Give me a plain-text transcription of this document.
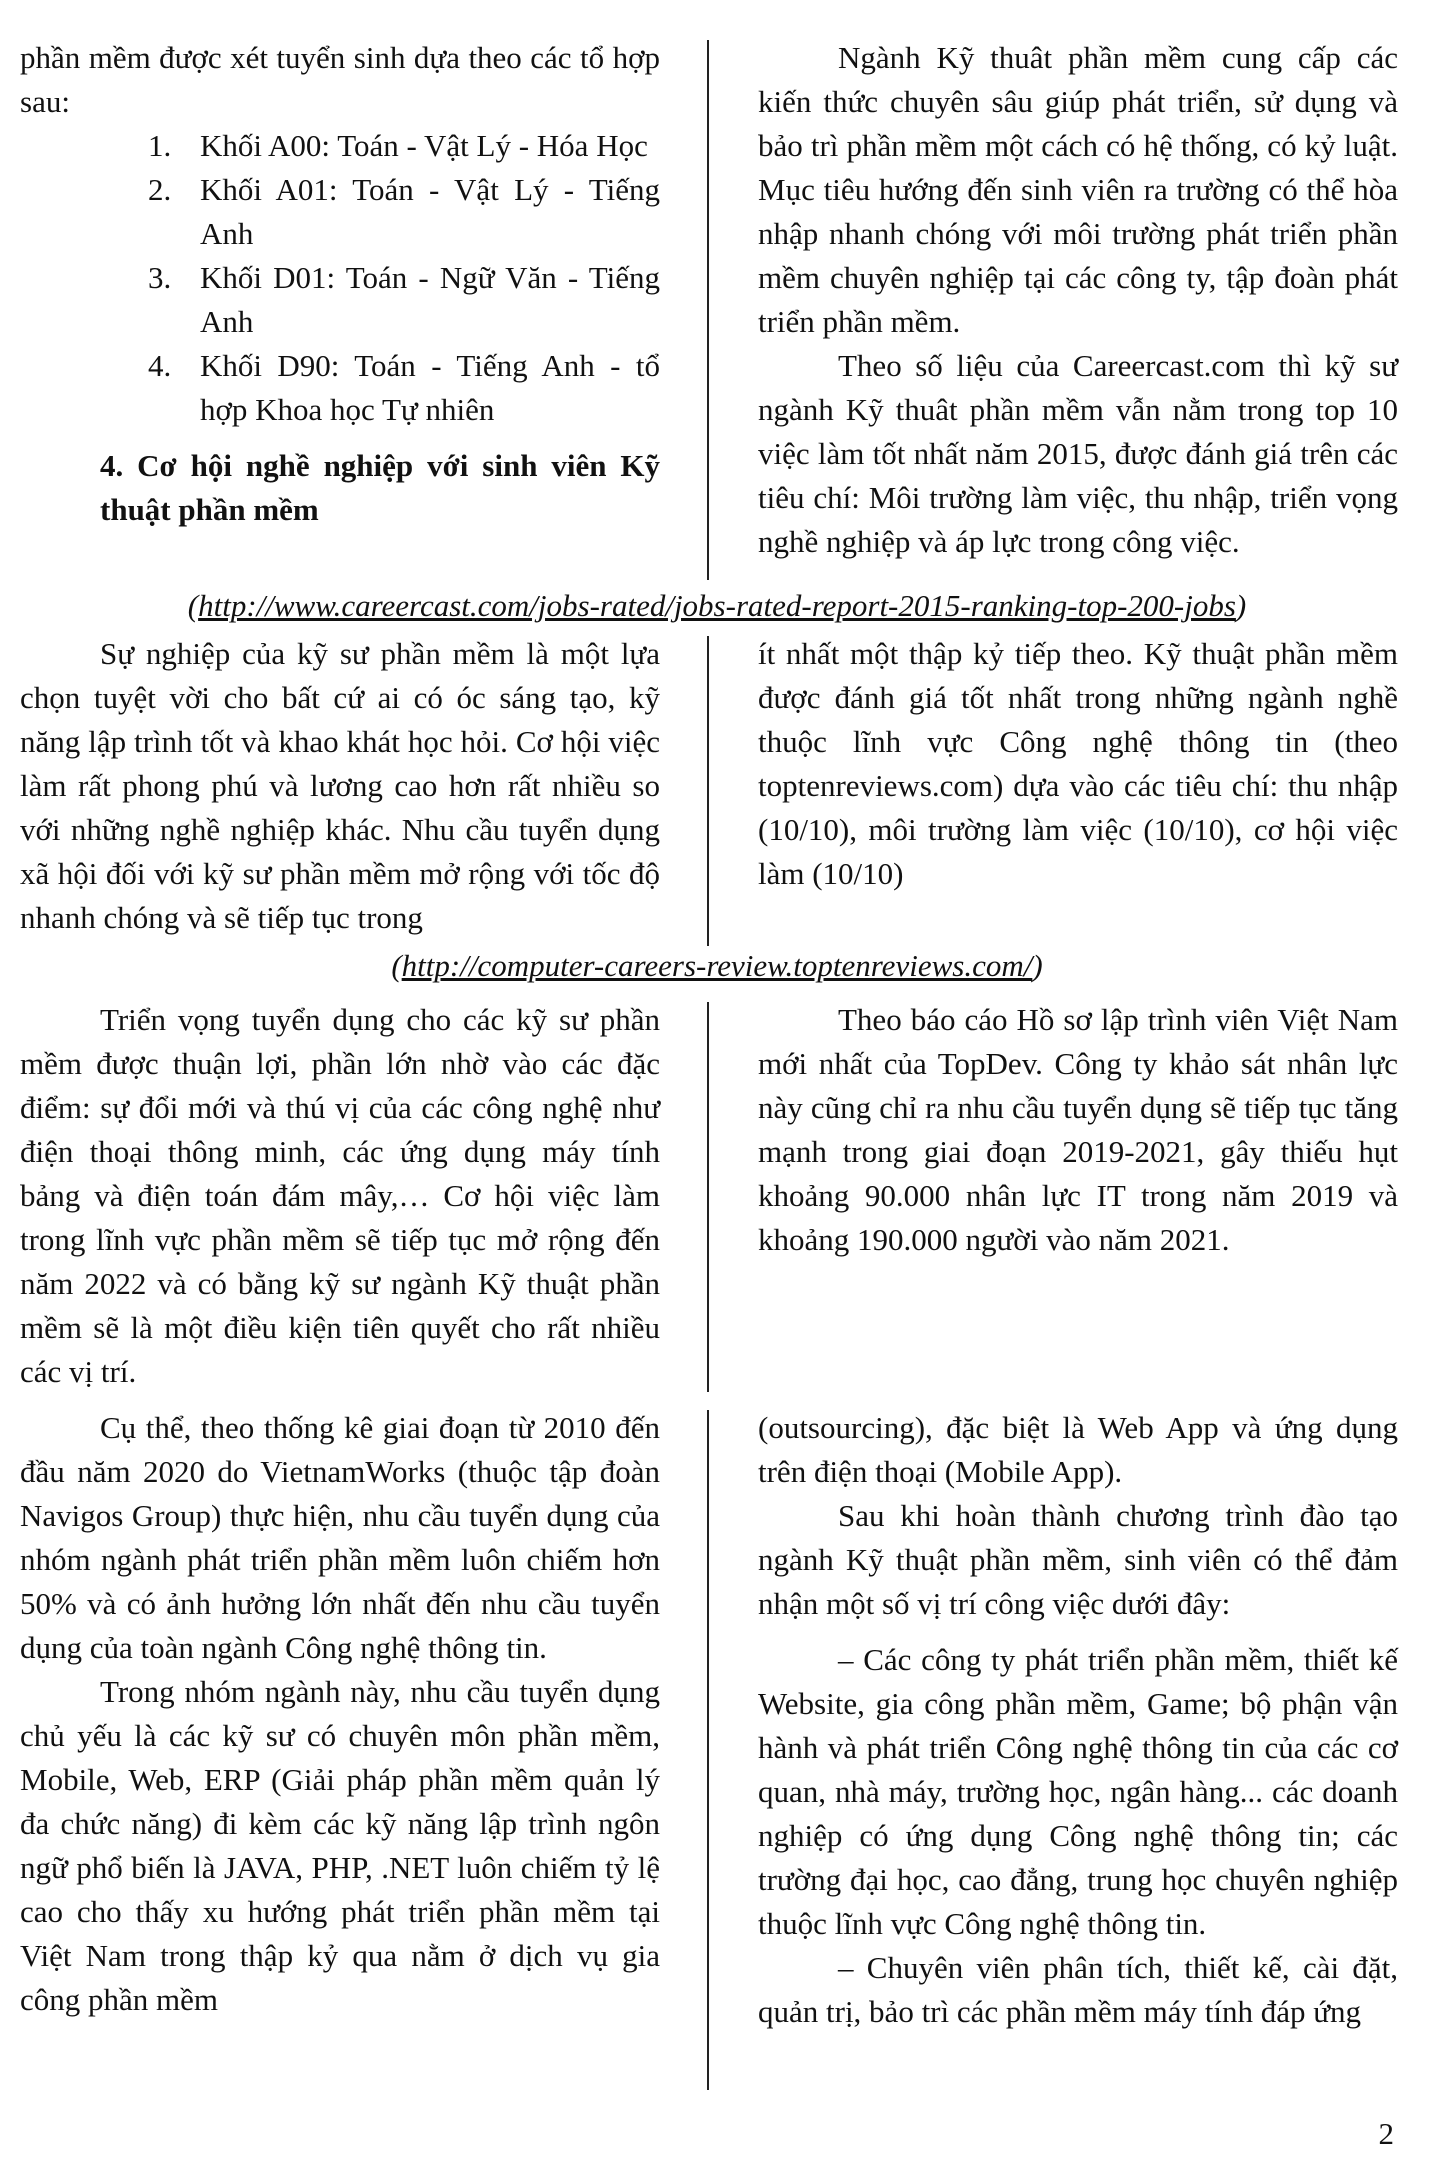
phần mềm được xét tuyển sinh dựa theo các tổ hợp sau:

1. Khối A00: Toán - Vật Lý - Hóa Học
2. Khối A01: Toán - Vật Lý - Tiếng Anh
3. Khối D01: Toán - Ngữ Văn - Tiếng Anh
4. Khối D90: Toán - Tiếng Anh - tổ hợp Khoa học Tự nhiên

4. Cơ hội nghề nghiệp với sinh viên Kỹ thuật phần mềm

Ngành Kỹ thuât phần mềm cung cấp các kiến thức chuyên sâu giúp phát triển, sử dụng và bảo trì phần mềm một cách có hệ thống, có kỷ luật. Mục tiêu hướng đến sinh viên ra trường có thể hòa nhập nhanh chóng với môi trường phát triển phần mềm chuyên nghiệp tại các công ty, tập đoàn phát triển phần mềm.

Theo số liệu của Careercast.com thì kỹ sư ngành Kỹ thuât phần mềm vẫn nằm trong top 10 việc làm tốt nhất năm 2015, được đánh giá trên các tiêu chí: Môi trường làm việc, thu nhập, triển vọng nghề nghiệp và áp lực trong công việc.

(http://www.careercast.com/jobs-rated/jobs-rated-report-2015-ranking-top-200-jobs)

Sự nghiệp của kỹ sư phần mềm là một lựa chọn tuyệt vời cho bất cứ ai có óc sáng tạo, kỹ năng lập trình tốt và khao khát học hỏi. Cơ hội việc làm rất phong phú và lương cao hơn rất nhiều so với những nghề nghiệp khác. Nhu cầu tuyển dụng xã hội đối với kỹ sư phần mềm mở rộng với tốc độ nhanh chóng và sẽ tiếp tục trong

ít nhất một thập kỷ tiếp theo. Kỹ thuật phần mềm được đánh giá tốt nhất trong những ngành nghề thuộc lĩnh vực Công nghệ thông tin (theo toptenreviews.com) dựa vào các tiêu chí: thu nhập (10/10), môi trường làm việc (10/10), cơ hội việc làm (10/10)

(http://computer-careers-review.toptenreviews.com/)

Triển vọng tuyển dụng cho các kỹ sư phần mềm được thuận lợi, phần lớn nhờ vào các đặc điểm: sự đổi mới và thú vị của các công nghệ như điện thoại thông minh, các ứng dụng máy tính bảng và điện toán đám mây,… Cơ hội việc làm trong lĩnh vực phần mềm sẽ tiếp tục mở rộng đến năm 2022 và có bằng kỹ sư ngành Kỹ thuật phần mềm sẽ là một điều kiện tiên quyết cho rất nhiều các vị trí.

Theo báo cáo Hồ sơ lập trình viên Việt Nam mới nhất của TopDev. Công ty khảo sát nhân lực này cũng chỉ ra nhu cầu tuyển dụng sẽ tiếp tục tăng mạnh trong giai đoạn 2019-2021, gây thiếu hụt khoảng 90.000 nhân lực IT trong năm 2019 và khoảng 190.000 người vào năm 2021.

Cụ thể, theo thống kê giai đoạn từ 2010 đến đầu năm 2020 do VietnamWorks (thuộc tập đoàn Navigos Group) thực hiện, nhu cầu tuyển dụng của nhóm ngành phát triển phần mềm luôn chiếm hơn 50% và có ảnh hưởng lớn nhất đến nhu cầu tuyển dụng của toàn ngành Công nghệ thông tin.

Trong nhóm ngành này, nhu cầu tuyển dụng chủ yếu là các kỹ sư có chuyên môn phần mềm, Mobile, Web, ERP (Giải pháp phần mềm quản lý đa chức năng) đi kèm các kỹ năng lập trình ngôn ngữ phổ biến là JAVA, PHP, .NET luôn chiếm tỷ lệ cao cho thấy xu hướng phát triển phần mềm tại Việt Nam trong thập kỷ qua nằm ở dịch vụ gia công phần mềm

(outsourcing), đặc biệt là Web App và ứng dụng trên điện thoại (Mobile App).

Sau khi hoàn thành chương trình đào tạo ngành Kỹ thuật phần mềm, sinh viên có thể đảm nhận một số vị trí công việc dưới đây:

– Các công ty phát triển phần mềm, thiết kế Website, gia công phần mềm, Game; bộ phận vận hành và phát triển Công nghệ thông tin của các cơ quan, nhà máy, trường học, ngân hàng... các doanh nghiệp có ứng dụng Công nghệ thông tin; các trường đại học, cao đẳng, trung học chuyên nghiệp thuộc lĩnh vực Công nghệ thông tin.

– Chuyên viên phân tích, thiết kế, cài đặt, quản trị, bảo trì các phần mềm máy tính đáp ứng

2
